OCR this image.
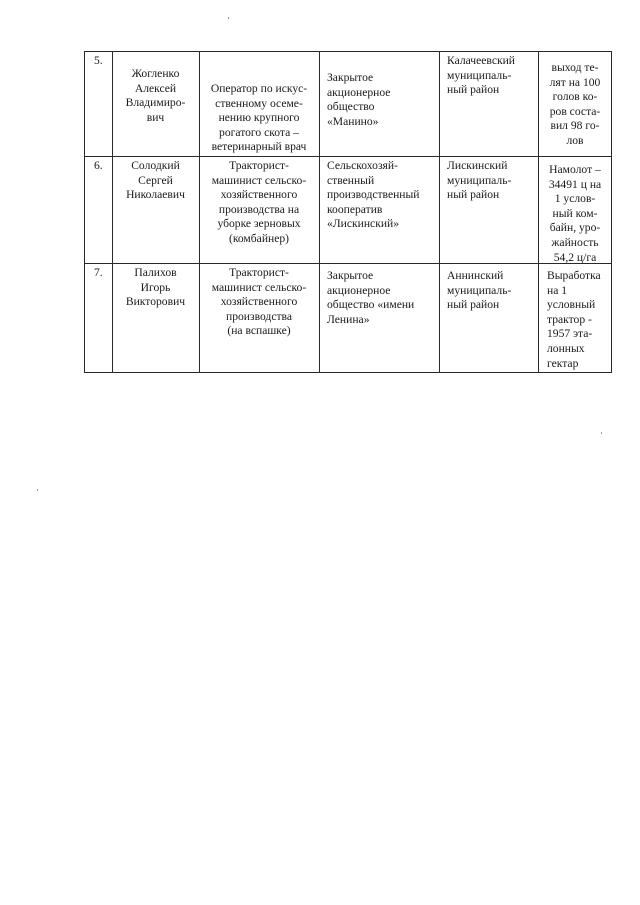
5.
Жогленко
Алексей
Владимиро-
вич
Оператор по искус-
ственному осеме-
нению крупного
рогатого скота –
ветеринарный врач
Закрытое
акционерное
общество
«Манино»
Калачеевский
муниципаль-
ный район
выход те-
лят на 100
голов ко-
ров соста-
вил 98 го-
лов
6.	Солодкий
Сергей
Николаевич
Тракторист-
машинист сельско-
хозяйственного
производства на
уборке зерновых
(комбайнер)
Сельскохозяй-
ственный
производственный
кооператив
«Лискинский»
Лискинский
муниципаль-
ный район
Намолот –
34491 ц на
1 услов-
ный ком-
байн, уро-
жайность
54,2 ц/га
7.	Палихов
Игорь
Викторович
Тракторист-
машинист сельско-
хозяйственного
производства
(на вспашке)
Закрытое
акционерное
общество «имени
Ленина»
Аннинский
муниципаль-
ный район
Выработка
на 1
условный
трактор -
1957 эта-
лонных
гектар
